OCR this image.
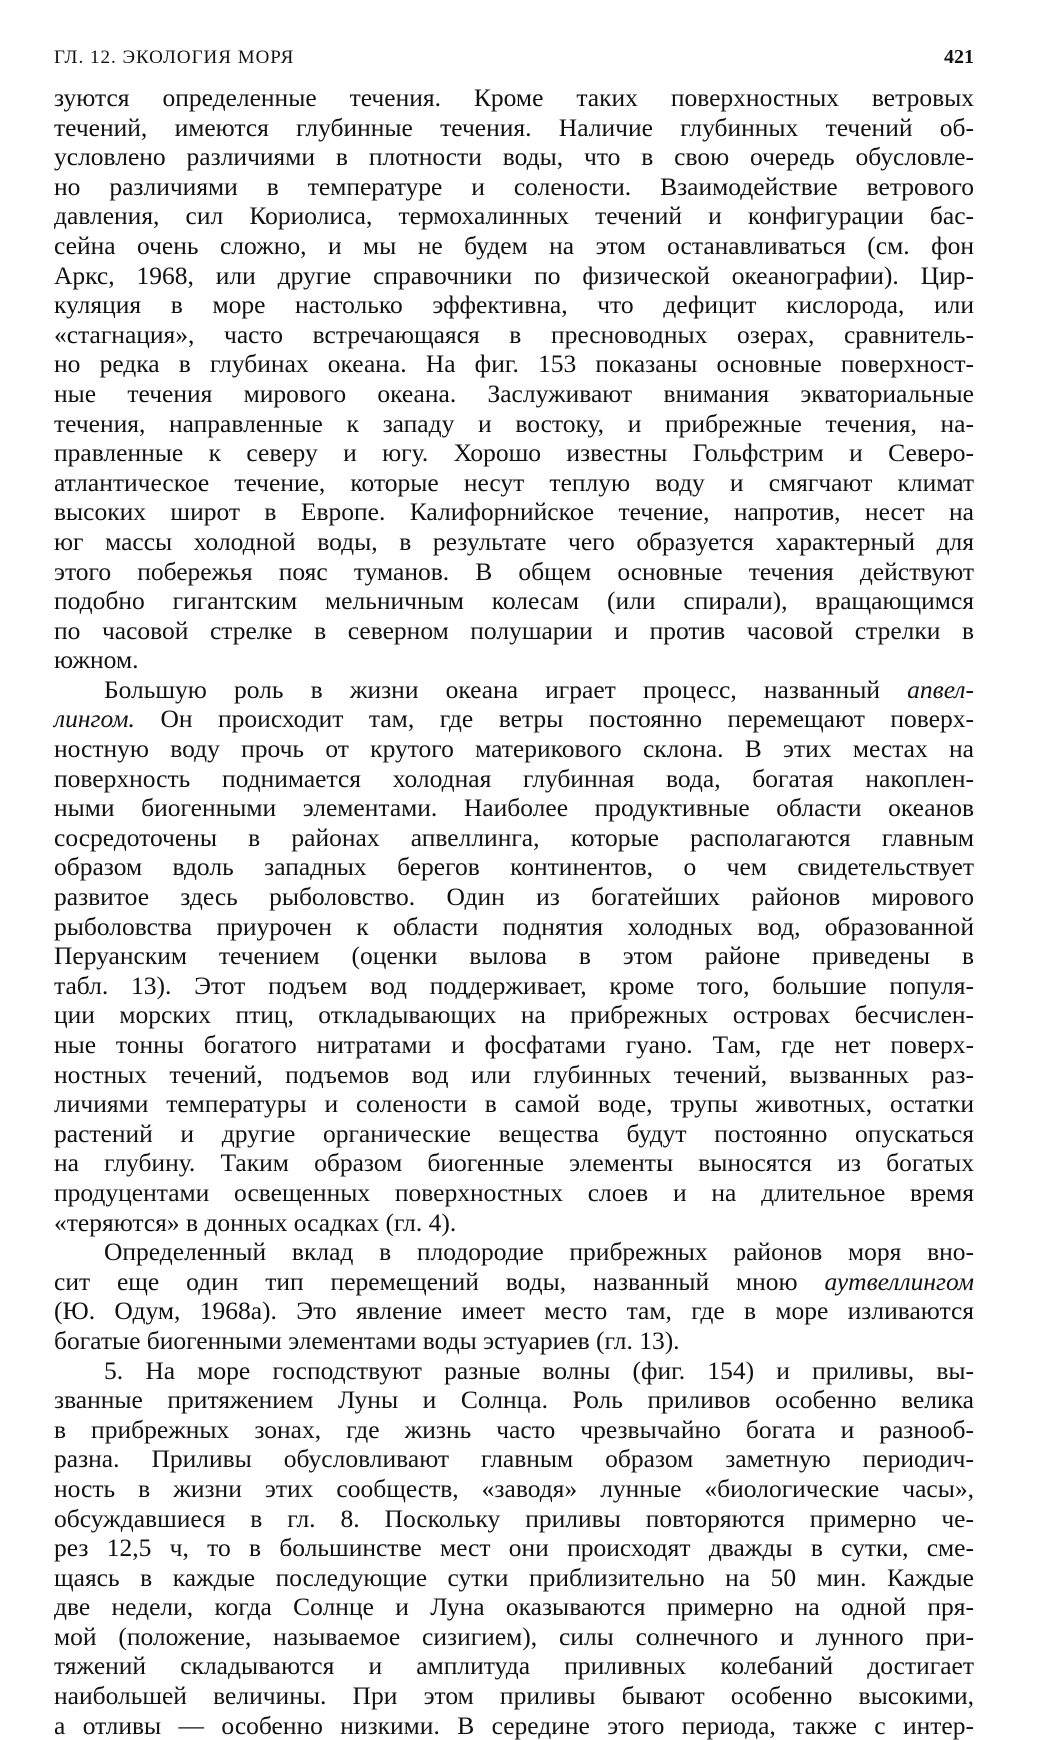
ГЛ. 12. ЭКОЛОГИЯ МОРЯ	421
зуются определенные течения. Кроме таких поверхностных ветровых
течений, имеются глубинные течения. Наличие глубинных течений об-
условлено различиями в плотности воды, что в свою очередь обусловле-
но различиями в температуре и солености. Взаимодействие ветрового
давления, сил Кориолиса, термохалинных течений и конфигурации бас-
сейна очень сложно, и мы не будем на этом останавливаться (см. фон
Аркс, 1968, или другие справочники по физической океанографии). Цир-
куляция в море настолько эффективна, что дефицит кислорода, или
«стагнация», часто встречающаяся в пресноводных озерах, сравнитель-
но редка в глубинах океана. На фиг. 153 показаны основные поверхност-
ные течения мирового океана. Заслуживают внимания экваториальные
течения, направленные к западу и востоку, и прибрежные течения, на-
правленные к северу и югу. Хорошо известны Гольфстрим и Северо-
атлантическое течение, которые несут теплую воду и смягчают климат
высоких широт в Европе. Калифорнийское течение, напротив, несет на
юг массы холодной воды, в результате чего образуется характерный для
этого побережья пояс туманов. В общем основные течения действуют
подобно гигантским мельничным колесам (или спирали), вращающимся
по часовой стрелке в северном полушарии и против часовой стрелки в
южном.
Большую роль в жизни океана играет процесс, названный апвел-
лингом. Он происходит там, где ветры постоянно перемещают поверх-
ностную воду прочь от крутого материкового склона. В этих местах на
поверхность поднимается холодная глубинная вода, богатая накоплен-
ными биогенными элементами. Наиболее продуктивные области океанов
сосредоточены в районах апвеллинга, которые располагаются главным
образом вдоль западных берегов континентов, о чем свидетельствует
развитое здесь рыболовство. Один из богатейших районов мирового
рыболовства приурочен к области поднятия холодных вод, образованной
Перуанским течением (оценки вылова в этом районе приведены в
табл. 13). Этот подъем вод поддерживает, кроме того, большие популя-
ции морских птиц, откладывающих на прибрежных островах бесчислен-
ные тонны богатого нитратами и фосфатами гуано. Там, где нет поверх-
ностных течений, подъемов вод или глубинных течений, вызванных раз-
личиями температуры и солености в самой воде, трупы животных, остатки
растений и другие органические вещества будут постоянно опускаться
на глубину. Таким образом биогенные элементы выносятся из богатых
продуцентами освещенных поверхностных слоев и на длительное время
«теряются» в донных осадках (гл. 4).
Определенный вклад в плодородие прибрежных районов моря вно-
сит еще один тип перемещений воды, названный мною аутвеллингом
(Ю. Одум, 1968а). Это явление имеет место там, где в море изливаются
богатые биогенными элементами воды эстуариев (гл. 13).
5. На море господствуют разные волны (фиг. 154) и приливы, вы-
званные притяжением Луны и Солнца. Роль приливов особенно велика
в прибрежных зонах, где жизнь часто чрезвычайно богата и разнооб-
разна. Приливы обусловливают главным образом заметную периодич-
ность в жизни этих сообществ, «заводя» лунные «биологические часы»,
обсуждавшиеся в гл. 8. Поскольку приливы повторяются примерно че-
рез 12,5 ч, то в большинстве мест они происходят дважды в сутки, сме-
щаясь в каждые последующие сутки приблизительно на 50 мин. Каждые
две недели, когда Солнце и Луна оказываются примерно на одной пря-
мой (положение, называемое сизигием), силы солнечного и лунного при-
тяжений складываются и амплитуда приливных колебаний достигает
наибольшей величины. При этом приливы бывают особенно высокими,
а отливы — особенно низкими. В середине этого периода, также с интер-
